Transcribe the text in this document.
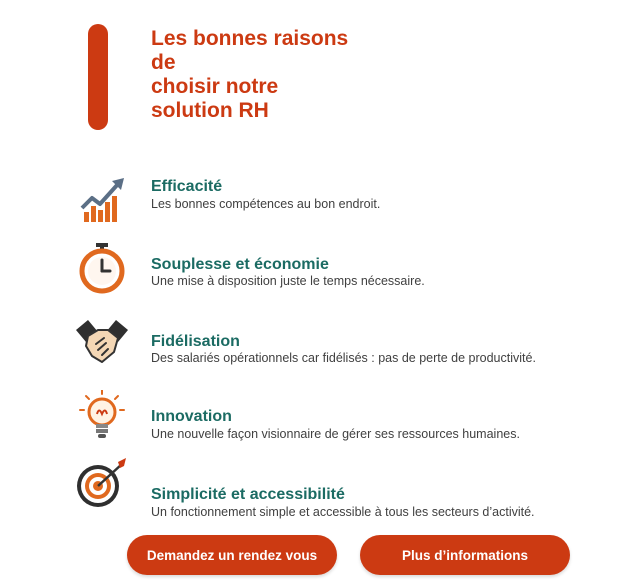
Les bonnes raisons
de
choisir notre
solution RH
Efficacité
Les bonnes compétences au bon endroit.
Souplesse et économie
Une mise à disposition juste le temps nécessaire.
Fidélisation
Des salariés opérationnels car fidélisés : pas de perte de productivité.
Innovation
Une nouvelle façon visionnaire de gérer ses ressources humaines.
Simplicité et accessibilité
Un fonctionnement simple et accessible à tous les secteurs d’activité.
Demandez un rendez vous	Plus d’informations
